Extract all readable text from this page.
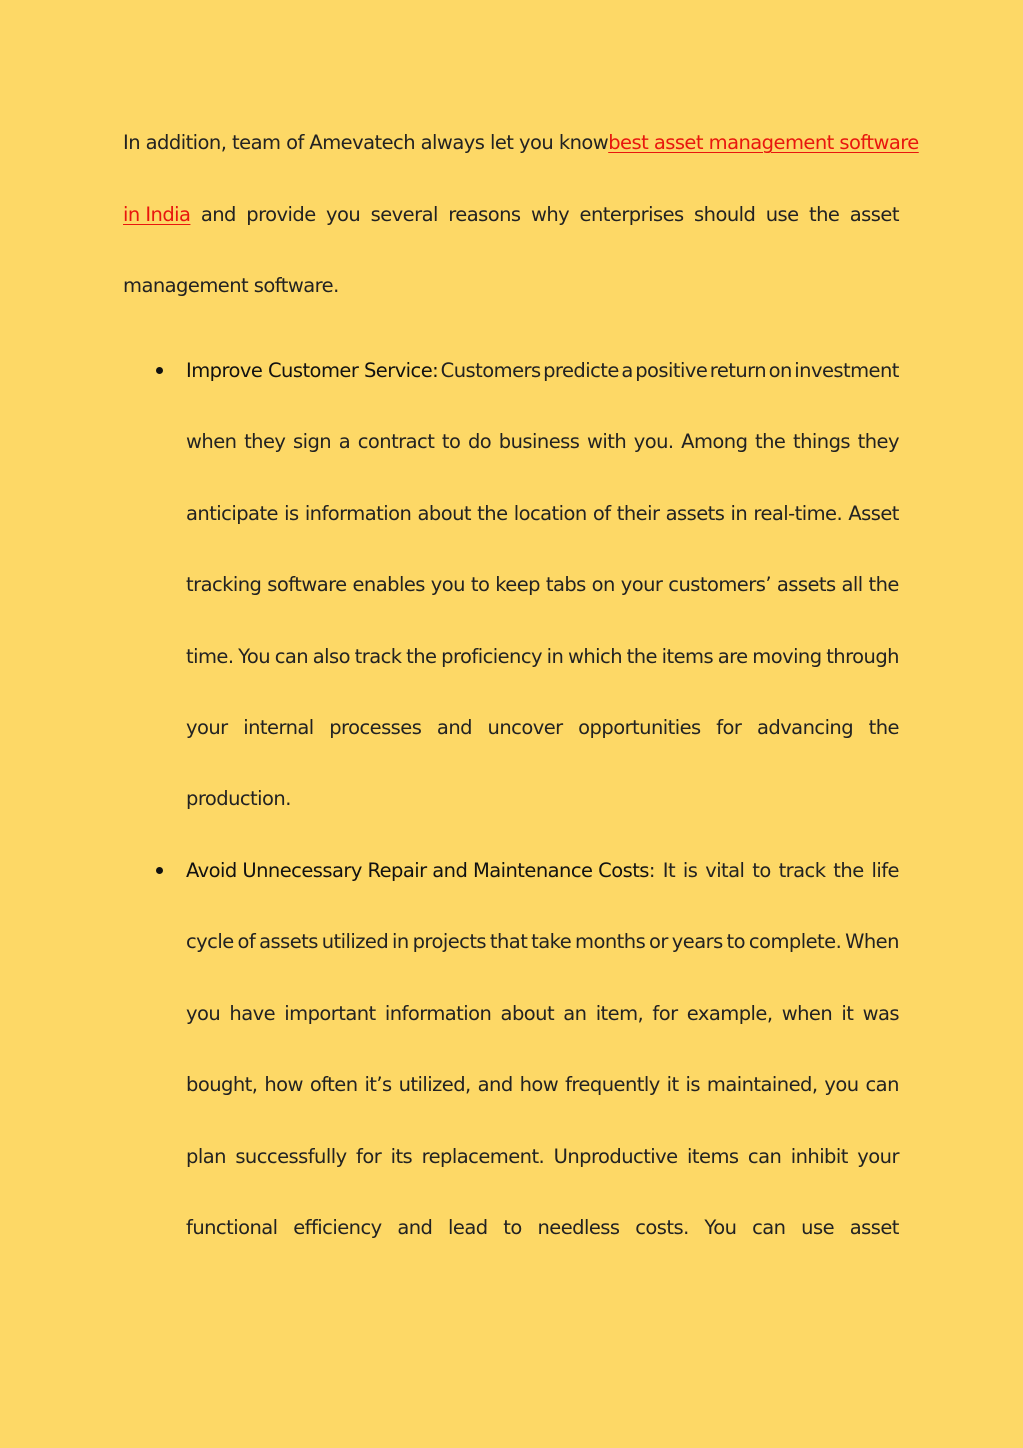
In addition, team of Amevatech always let you know best asset management software
in India and provide you several reasons why enterprises should use the asset
management software.
Improve Customer Service: Customers predicte a positive return on investment
when they sign a contract to do business with you. Among the things they
anticipate is information about the location of their assets in real-time. Asset
tracking software enables you to keep tabs on your customers’ assets all the
time. You can also track the proficiency in which the items are moving through
your internal processes and uncover opportunities for advancing the
production.
Avoid Unnecessary Repair and Maintenance Costs: It is vital to track the life
cycle of assets utilized in projects that take months or years to complete. When
you have important information about an item, for example, when it was
bought, how often it’s utilized, and how frequently it is maintained, you can
plan successfully for its replacement. Unproductive items can inhibit your
functional efficiency and lead to needless costs. You can use asset
